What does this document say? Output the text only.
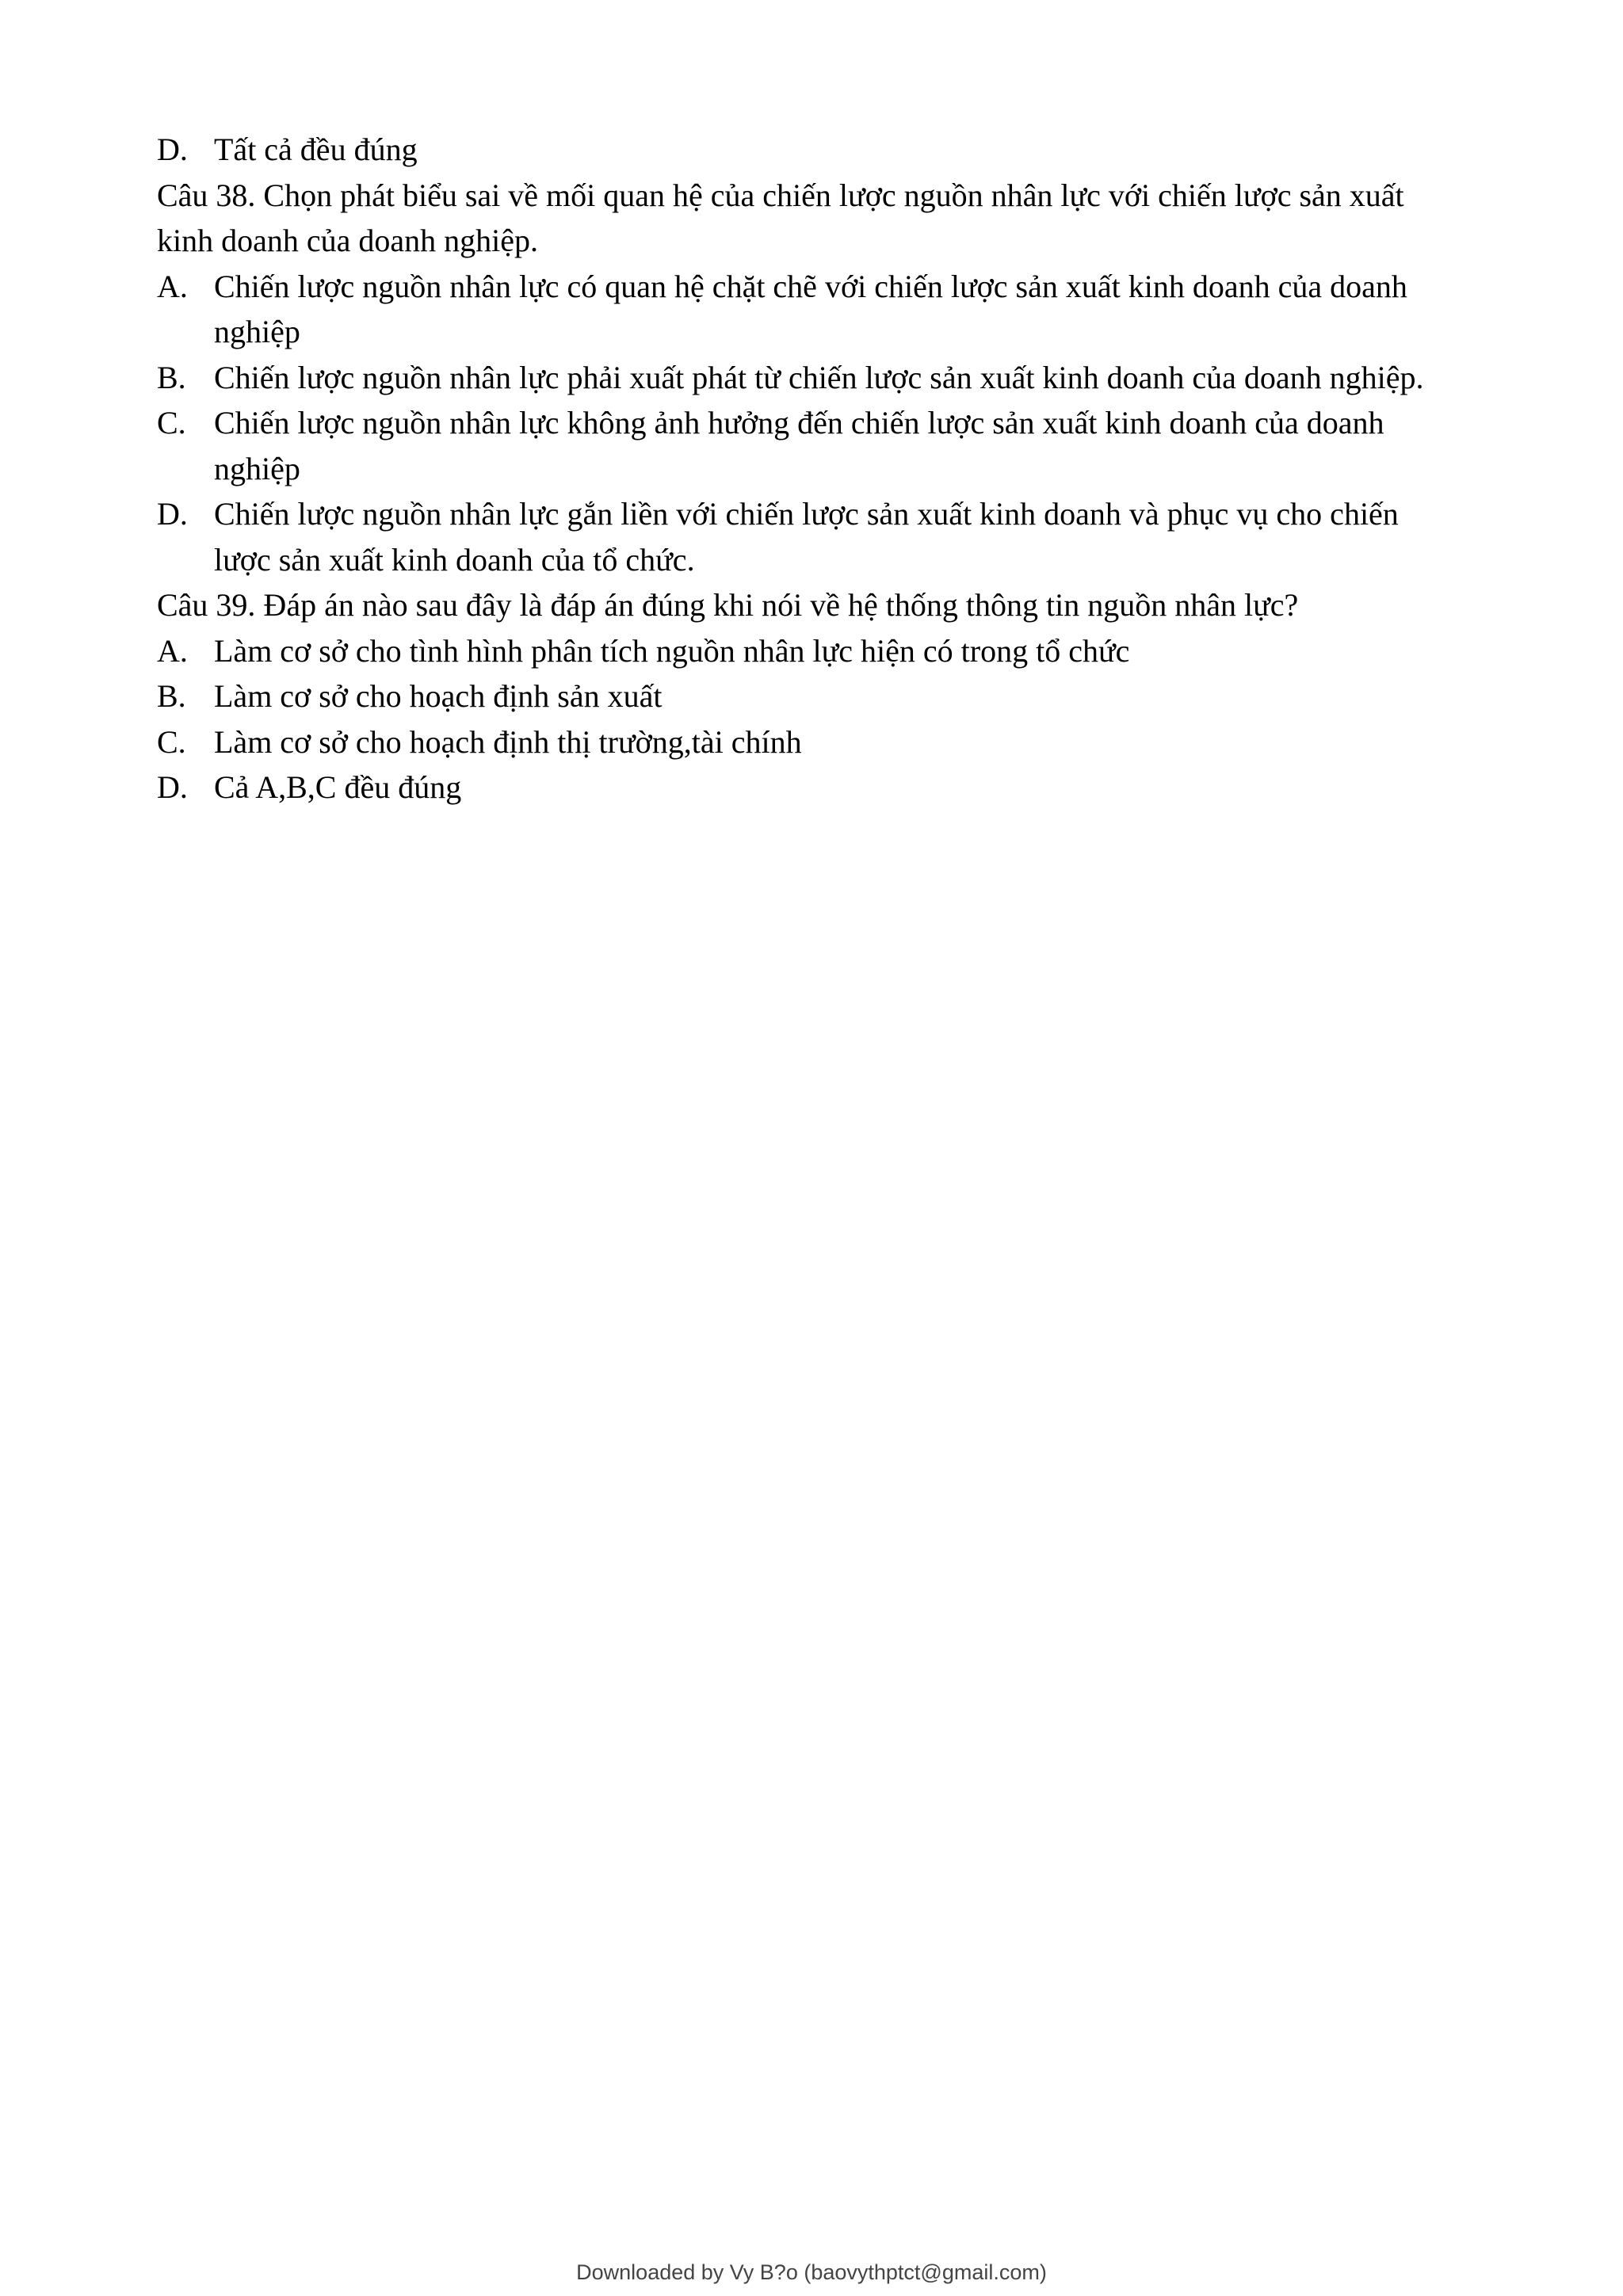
D. Tất cả đều đúng

Câu 38. Chọn phát biểu sai về mối quan hệ của chiến lược nguồn nhân lực với chiến lược sản xuất

kinh doanh của doanh nghiệp.

A. Chiến lược nguồn nhân lực có quan hệ chặt chẽ với chiến lược sản xuất kinh doanh của doanh
nghiệp
B. Chiến lược nguồn nhân lực phải xuất phát từ chiến lược sản xuất kinh doanh của doanh nghiệp.
C. Chiến lược nguồn nhân lực không ảnh hưởng đến chiến lược sản xuất kinh doanh của doanh
nghiệp
D. Chiến lược nguồn nhân lực gắn liền với chiến lược sản xuất kinh doanh và phục vụ cho chiến
lược sản xuất kinh doanh của tổ chức.

Câu 39. Đáp án nào sau đây là đáp án đúng khi nói về hệ thống thông tin nguồn nhân lực?

A. Làm cơ sở cho tình hình phân tích nguồn nhân lực hiện có trong tổ chức
B. Làm cơ sở cho hoạch định sản xuất
C. Làm cơ sở cho hoạch định thị trường,tài chính
D. Cả A,B,C đều đúng
Downloaded by Vy B?o (baovythptct@gmail.com)
